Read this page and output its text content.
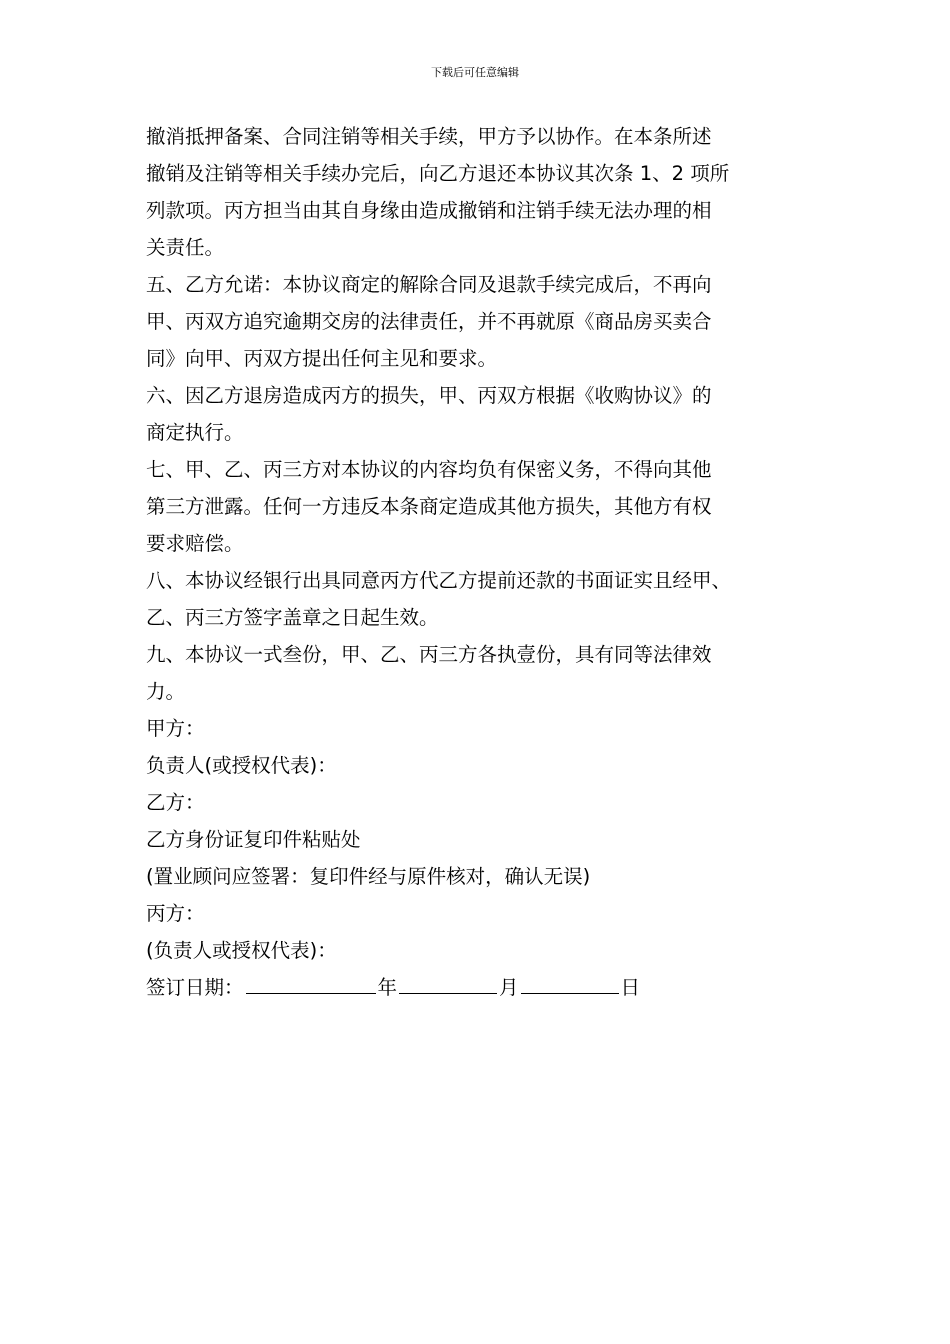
下载后可任意编辑
撤消抵押备案、合同注销等相关手续，甲方予以协作。在本条所述
撤销及注销等相关手续办完后，向乙方退还本协议其次条 1、2 项所
列款项。丙方担当由其自身缘由造成撤销和注销手续无法办理的相
关责任。
五、乙方允诺：本协议商定的解除合同及退款手续完成后，不再向
甲、丙双方追究逾期交房的法律责任，并不再就原《商品房买卖合
同》向甲、丙双方提出任何主见和要求。
六、因乙方退房造成丙方的损失，甲、丙双方根据《收购协议》的
商定执行。
七、甲、乙、丙三方对本协议的内容均负有保密义务，不得向其他
第三方泄露。任何一方违反本条商定造成其他方损失，其他方有权
要求赔偿。
八、本协议经银行出具同意丙方代乙方提前还款的书面证实且经甲、
乙、丙三方签字盖章之日起生效。
九、本协议一式叁份，甲、乙、丙三方各执壹份，具有同等法律效
力。
甲方：
负责人(或授权代表)：
乙方：
乙方身份证复印件粘贴处
(置业顾问应签署：复印件经与原件核对，确认无误)
丙方：
(负责人或授权代表)：
签订日期：	年	月	日
